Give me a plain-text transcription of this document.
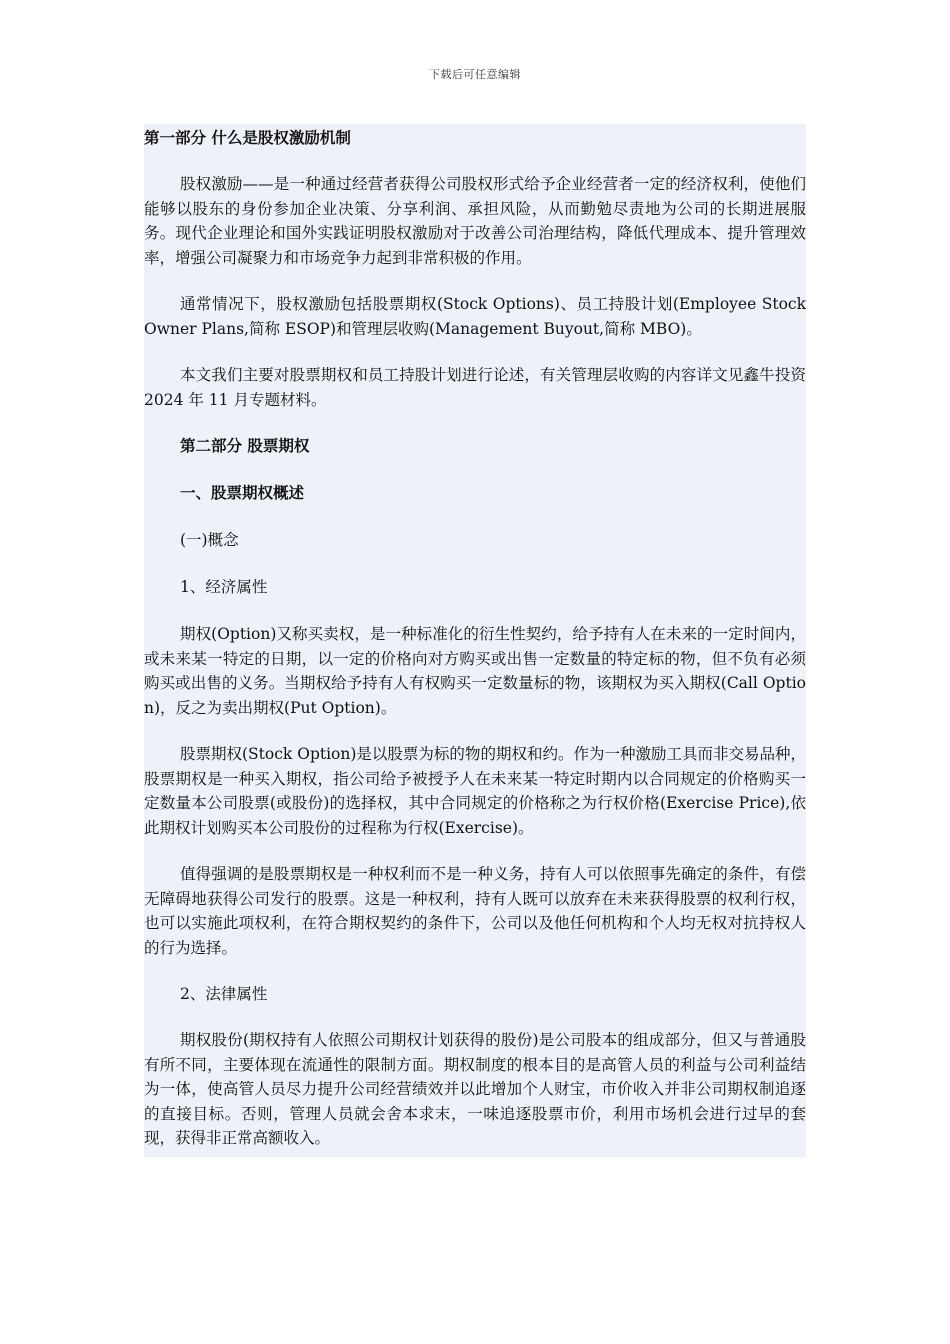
下载后可任意编辑

第一部分 什么是股权激励机制

股权激励——是一种通过经营者获得公司股权形式给予企业经营者一定的经济权利，使他们能够以股东的身份参加企业决策、分享利润、承担风险，从而勤勉尽责地为公司的长期进展服务。现代企业理论和国外实践证明股权激励对于改善公司治理结构，降低代理成本、提升管理效率，增强公司凝聚力和市场竞争力起到非常积极的作用。

通常情况下，股权激励包括股票期权(Stock Options)、员工持股计划(Employee Stock Owner Plans,简称 ESOP)和管理层收购(Management Buyout,简称 MBO)。

本文我们主要对股票期权和员工持股计划进行论述，有关管理层收购的内容详文见鑫牛投资 2024 年 11 月专题材料。

第二部分 股票期权

一、股票期权概述

(一)概念

1、经济属性

期权(Option)又称买卖权，是一种标准化的衍生性契约，给予持有人在未来的一定时间内，或未来某一特定的日期，以一定的价格向对方购买或出售一定数量的特定标的物，但不负有必须购买或出售的义务。当期权给予持有人有权购买一定数量标的物，该期权为买入期权(Call Option)，反之为卖出期权(Put Option)。

股票期权(Stock Option)是以股票为标的物的期权和约。作为一种激励工具而非交易品种，股票期权是一种买入期权，指公司给予被授予人在未来某一特定时期内以合同规定的价格购买一定数量本公司股票(或股份)的选择权，其中合同规定的价格称之为行权价格(Exercise Price),依此期权计划购买本公司股份的过程称为行权(Exercise)。

值得强调的是股票期权是一种权利而不是一种义务，持有人可以依照事先确定的条件，有偿无障碍地获得公司发行的股票。这是一种权利，持有人既可以放弃在未来获得股票的权利行权，也可以实施此项权利，在符合期权契约的条件下，公司以及他任何机构和个人均无权对抗持权人的行为选择。

2、法律属性

期权股份(期权持有人依照公司期权计划获得的股份)是公司股本的组成部分，但又与普通股有所不同，主要体现在流通性的限制方面。期权制度的根本目的是高管人员的利益与公司利益结为一体，使高管人员尽力提升公司经营绩效并以此增加个人财宝，市价收入并非公司期权制追逐的直接目标。否则，管理人员就会舍本求末，一味追逐股票市价，利用市场机会进行过早的套现，获得非正常高额收入。
